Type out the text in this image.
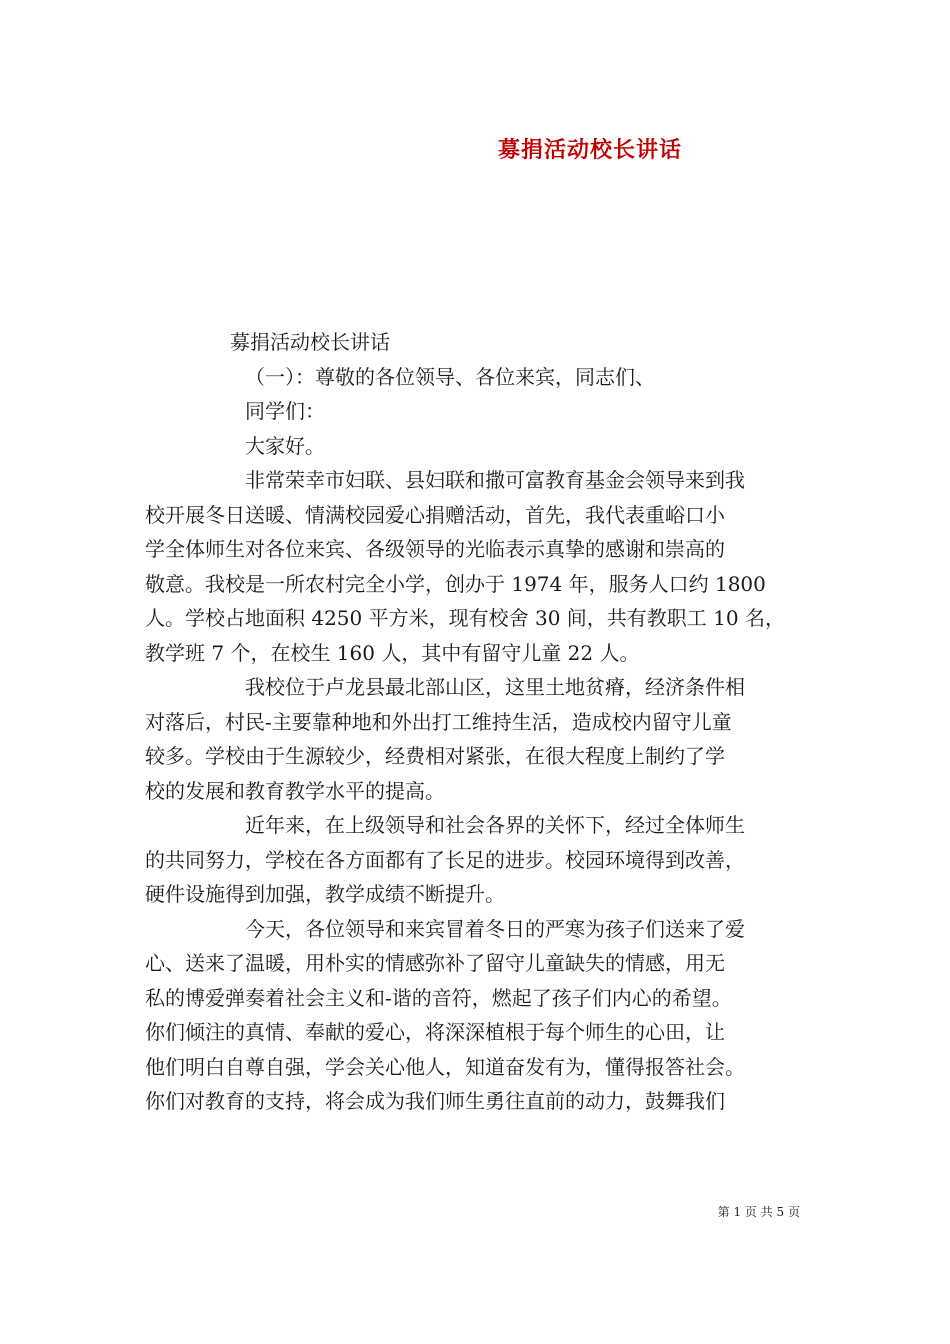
募捐活动校长讲话

募捐活动校长讲话

（一）：尊敬的各位领导、各位来宾，同志们、

同学们：

大家好。

非常荣幸市妇联、县妇联和撒可富教育基金会领导来到我

校开展冬日送暖、情满校园爱心捐赠活动，首先，我代表重峪口小

学全体师生对各位来宾、各级领导的光临表示真挚的感谢和崇高的

敬意。我校是一所农村完全小学，创办于 1974 年，服务人口约 1800

人。学校占地面积 4250 平方米，现有校舍 30 间，共有教职工 10 名，

教学班 7 个，在校生 160 人，其中有留守儿童 22 人。

我校位于卢龙县最北部山区，这里土地贫瘠，经济条件相

对落后，村民-主要靠种地和外出打工维持生活，造成校内留守儿童

较多。学校由于生源较少，经费相对紧张，在很大程度上制约了学

校的发展和教育教学水平的提高。

近年来，在上级领导和社会各界的关怀下，经过全体师生

的共同努力，学校在各方面都有了长足的进步。校园环境得到改善，

硬件设施得到加强，教学成绩不断提升。

今天，各位领导和来宾冒着冬日的严寒为孩子们送来了爱

心、送来了温暖，用朴实的情感弥补了留守儿童缺失的情感，用无

私的博爱弹奏着社会主义和-谐的音符，燃起了孩子们内心的希望。

你们倾注的真情、奉献的爱心，将深深植根于每个师生的心田，让

他们明白自尊自强，学会关心他人，知道奋发有为，懂得报答社会。

你们对教育的支持，将会成为我们师生勇往直前的动力，鼓舞我们

第 1 页 共 5 页
